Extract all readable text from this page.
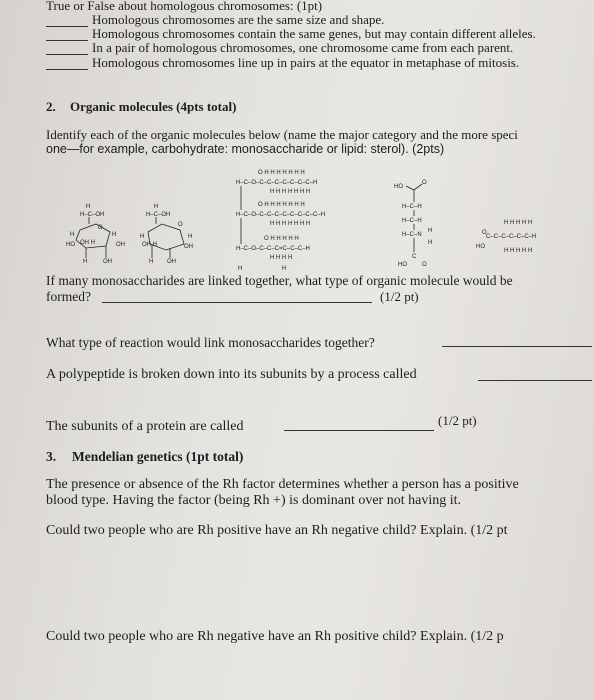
True or False about homologous chromosomes: (1pt)
Homologous chromosomes are the same size and shape.
Homologous chromosomes contain the same genes, but may contain different alleles.
In a pair of homologous chromosomes, one chromosome came from each parent.
Homologous chromosomes line up in pairs at the equator in metaphase of mitosis.
2. Organic molecules (4pts total)
Identify each of the organic molecules below (name the major category and the more speci
one—for example, carbohydrate: monosaccharide or lipid: sterol). (2pts)
H
H–C–OH
O
H	H
HO OH H	OH
H	OH
H
H–C–OH
O
H
H
OH H	OH
H OH
O H H H H H H H
H–C–O–C–C–C–C–C–C–C–H
H H H H H H H
O H H H H H H H
H–C–O–C–C–C–C–C–C–C–C–H
H H H H H H H
O H H H H H
H–C–O–C–C–C=C–C–C–H
H H H H
H	H
HO
O
H–C–H
H–C–H
H–C–N
H
H
C
HO	O
H H H H H
O
C–C–C–C–C–C–H
HO
H H H H H
If many monosaccharides are linked together, what type of organic molecule would be
formed?	(1/2 pt)
What type of reaction would link monosaccharides together?
A polypeptide is broken down into its subunits by a process called
The subunits of a protein are called	(1/2 pt)
3. Mendelian genetics (1pt total)
The presence or absence of the Rh factor determines whether a person has a positive
blood type. Having the factor (being Rh +) is dominant over not having it.
Could two people who are Rh positive have an Rh negative child? Explain. (1/2 pt
Could two people who are Rh negative have an Rh positive child? Explain. (1/2 p
